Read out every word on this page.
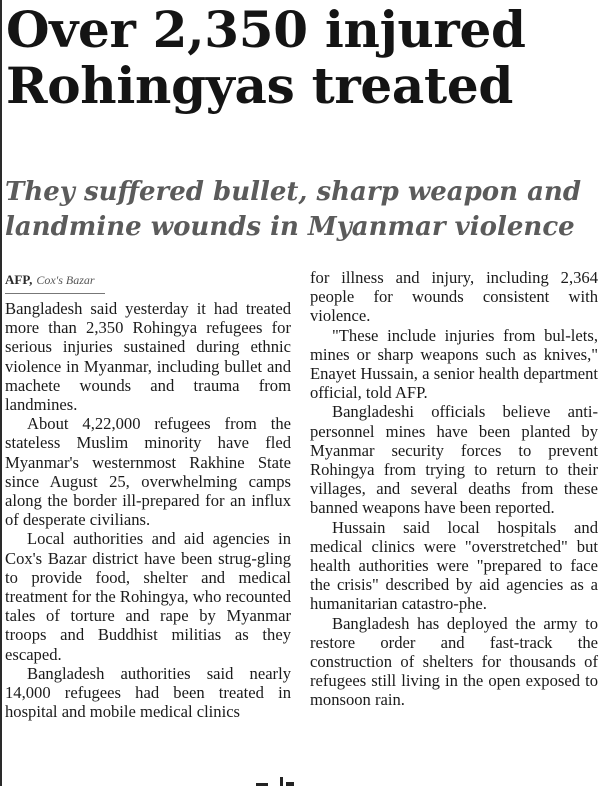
Over 2,350 injured Rohingyas treated
They suffered bullet, sharp weapon and landmine wounds in Myanmar violence
AFP, Cox's Bazar

Bangladesh said yesterday it had treated more than 2,350 Rohingya refugees for serious injuries sustained during ethnic violence in Myanmar, including bullet and machete wounds and trauma from landmines.

About 4,22,000 refugees from the stateless Muslim minority have fled Myanmar's westernmost Rakhine State since August 25, overwhelming camps along the border ill-prepared for an influx of desperate civilians.

Local authorities and aid agencies in Cox's Bazar district have been strug-gling to provide food, shelter and medical treatment for the Rohingya, who recounted tales of torture and rape by Myanmar troops and Buddhist militias as they escaped.

Bangladesh authorities said nearly 14,000 refugees had been treated in hospital and mobile medical clinics

for illness and injury, including 2,364 people for wounds consistent with violence.

"These include injuries from bul-lets, mines or sharp weapons such as knives," Enayet Hussain, a senior health department official, told AFP.

Bangladeshi officials believe anti-personnel mines have been planted by Myanmar security forces to prevent Rohingya from trying to return to their villages, and several deaths from these banned weapons have been reported.

Hussain said local hospitals and medical clinics were "overstretched" but health authorities were "prepared to face the crisis" described by aid agencies as a humanitarian catastro-phe.

Bangladesh has deployed the army to restore order and fast-track the construction of shelters for thousands of refugees still living in the open exposed to monsoon rain.
